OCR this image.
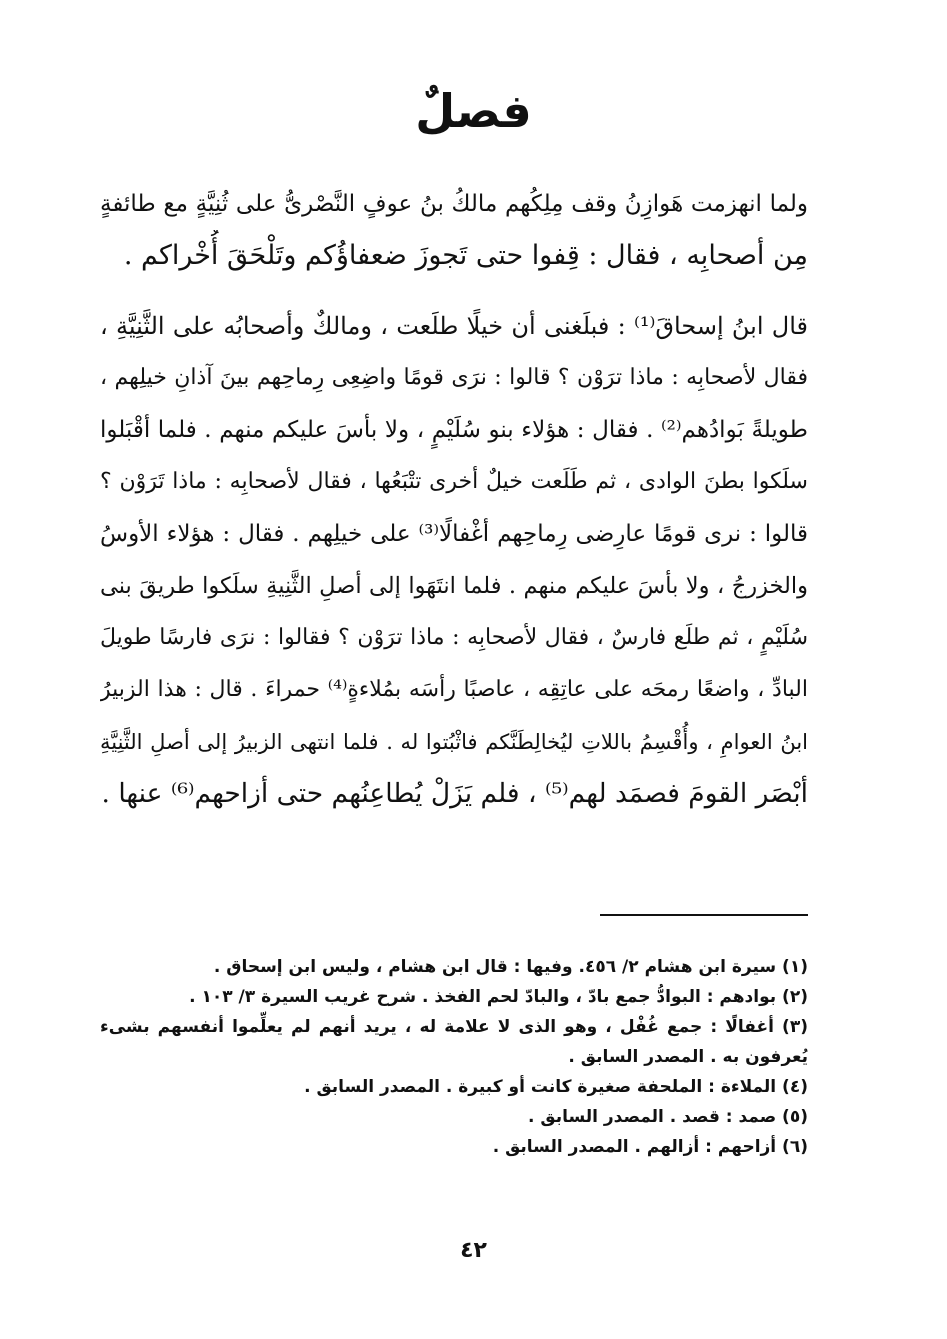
فصلٌ
ولما انهزمت هَوازِنُ وقف مِلِكُهم مالكُ بنُ عوفٍ النَّصْرىُّ على ثُنِيَّةٍ مع طائفةٍ
مِن أصحابِه ، فقال : قِفوا حتى تَجوزَ ضعفاؤُكم وتَلْحَقَ أُخْراكم .
قال ابنُ إسحاقَ⁽¹⁾ : فبلَغنى أن خيلًا طلَعت ، ومالكٌ وأصحابُه على الثَّنِيَّةِ ،
فقال لأصحابِه : ماذا ترَوْن ؟ قالوا : نرَى قومًا واضِعِى رِماحِهم بينَ آذانِ خيلِهم ،
طويلةً بَوادُهم⁽²⁾ . فقال : هؤلاء بنو سُلَيْمٍ ، ولا بأسَ عليكم منهم . فلما أقْبَلوا
سلَكوا بطنَ الوادى ، ثم طَلَعت خيلٌ أخرى تتْبَعُها ، فقال لأصحابِه : ماذا تَرَوْن ؟
قالوا : نرى قومًا عارِضى رِماحِهم أغْفالًا⁽³⁾ على خيلِهم . فقال : هؤلاء الأوسُ
والخزرجُ ، ولا بأسَ عليكم منهم . فلما انتَهَوا إلى أصلِ الثَّنِيةِ سلَكوا طريقَ بنى
سُلَيْمٍ ، ثم طلَع فارسٌ ، فقال لأصحابِه : ماذا ترَوْن ؟ فقالوا : نرَى فارسًا طويلَ
البادِّ ، واضعًا رمحَه على عاتِقِه ، عاصبًا رأسَه بمُلاءةٍ⁽⁴⁾ حمراءَ . قال : هذا الزبيرُ
ابنُ العوامِ ، وأُقْسِمُ باللاتِ ليُخالِطَنَّكم فاثْبُتوا له . فلما انتهى الزبيرُ إلى أصلِ الثَّنِيَّةِ
أبْصَر القومَ فصمَد لهم⁽⁵⁾ ، فلم يَزَلْ يُطاعِنُهم حتى أزاحهم⁽⁶⁾ عنها .
(١) سيرة ابن هشام ٢/ ٤٥٦. وفيها : قال ابن هشام ، وليس ابن إسحاق .
(٢) بوادهم : البوادُّ جمع بادّ ، والبادّ لحم الفخذ . شرح غريب السيرة ٣/ ١٠٣ .
(٣) أغفالًا : جمع غُفْل ، وهو الذى لا علامة له ، يريد أنهم لم يعلِّموا أنفسهم بشىء يُعرفون به . المصدر السابق .
(٤) الملاءة : الملحفة صغيرة كانت أو كبيرة . المصدر السابق .
(٥) صمد : قصد . المصدر السابق .
(٦) أزاحهم : أزالهم . المصدر السابق .
٤٢
